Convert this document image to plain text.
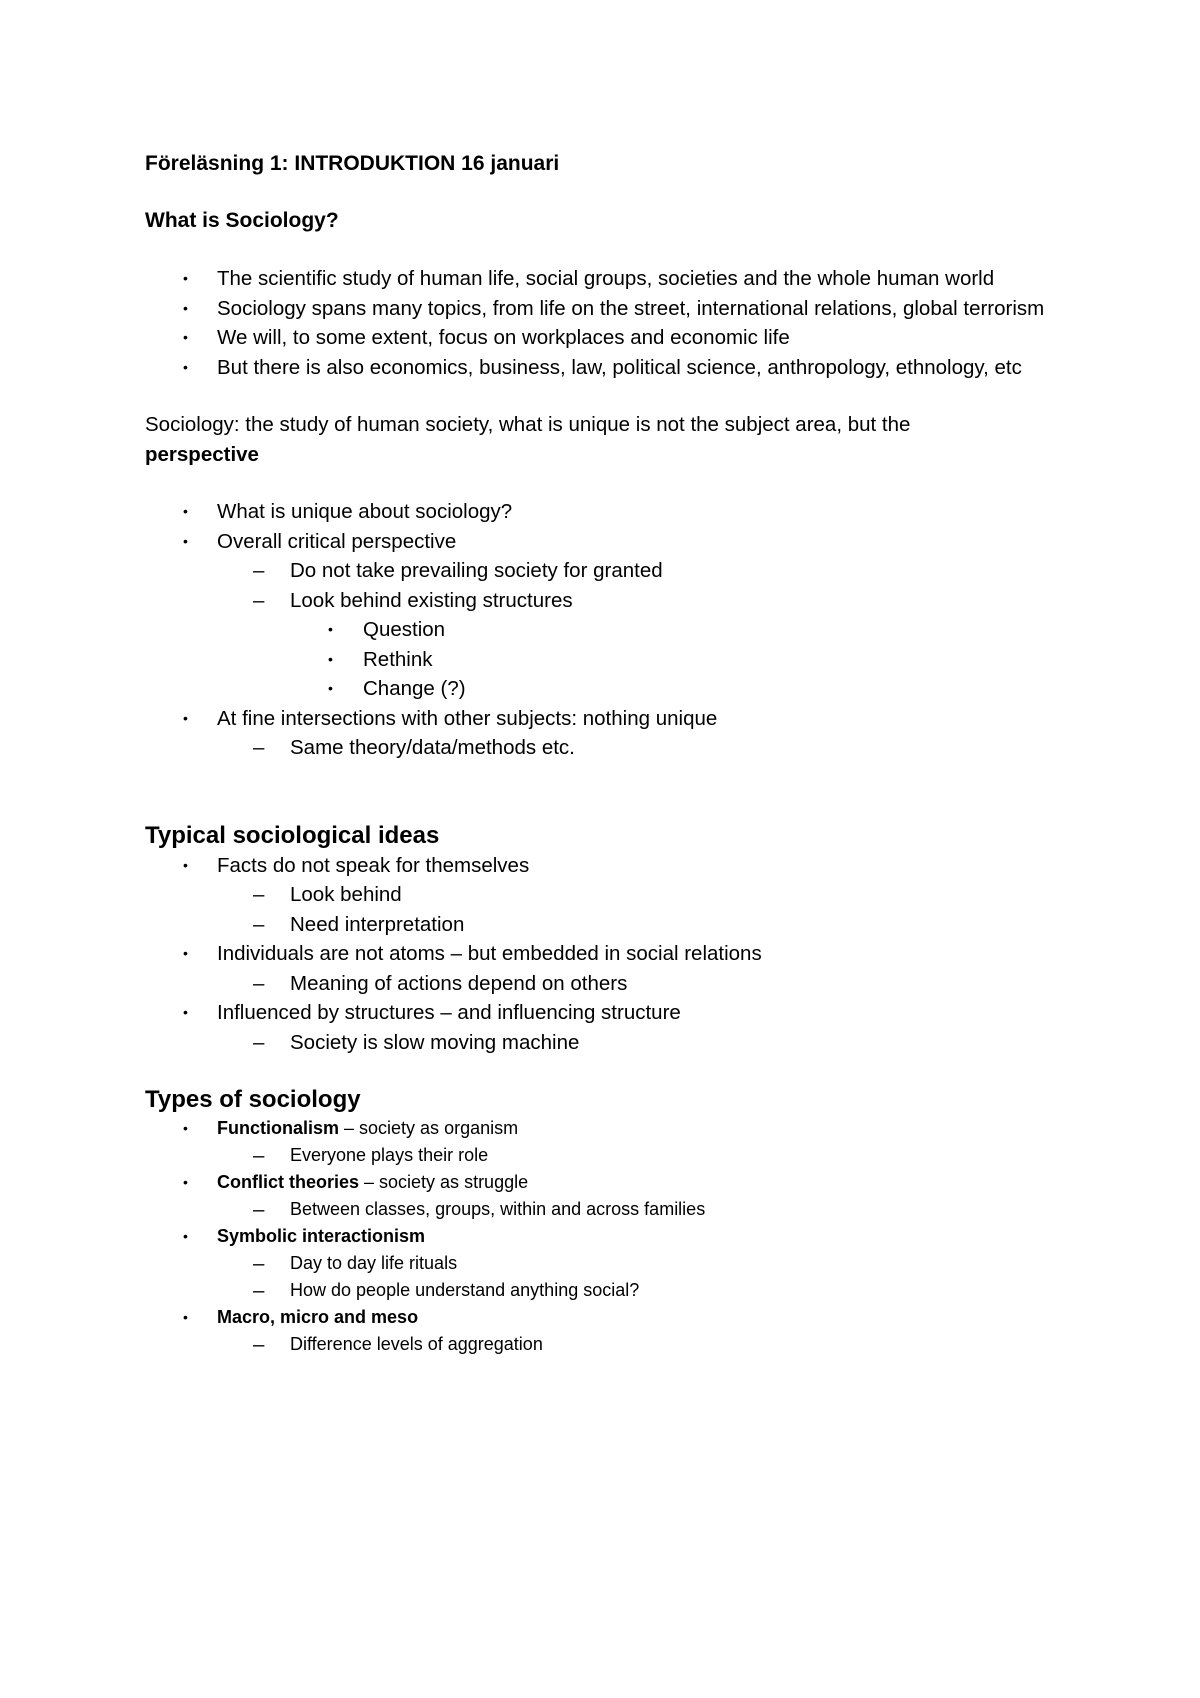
Föreläsning 1: INTRODUKTION 16 januari
What is Sociology?
• The scientific study of human life, social groups, societies and the whole human world
• Sociology spans many topics, from life on the street, international relations, global terrorism
• We will, to some extent, focus on workplaces and economic life
• But there is also economics, business, law, political science, anthropology, ethnology, etc

Sociology: the study of human society, what is unique is not the subject area, but the
perspective

• What is unique about sociology?
• Overall critical perspective
– Do not take prevailing society for granted
– Look behind existing structures
• Question
• Rethink
• Change (?)
• At fine intersections with other subjects: nothing unique
– Same theory/data/methods etc.
Typical sociological ideas
• Facts do not speak for themselves
– Look behind
– Need interpretation
• Individuals are not atoms – but embedded in social relations
– Meaning of actions depend on others
• Influenced by structures – and influencing structure
– Society is slow moving machine
Types of sociology
• Functionalism – society as organism
– Everyone plays their role
• Conflict theories – society as struggle
– Between classes, groups, within and across families
• Symbolic interactionism
– Day to day life rituals
– How do people understand anything social?
• Macro, micro and meso
– Difference levels of aggregation
